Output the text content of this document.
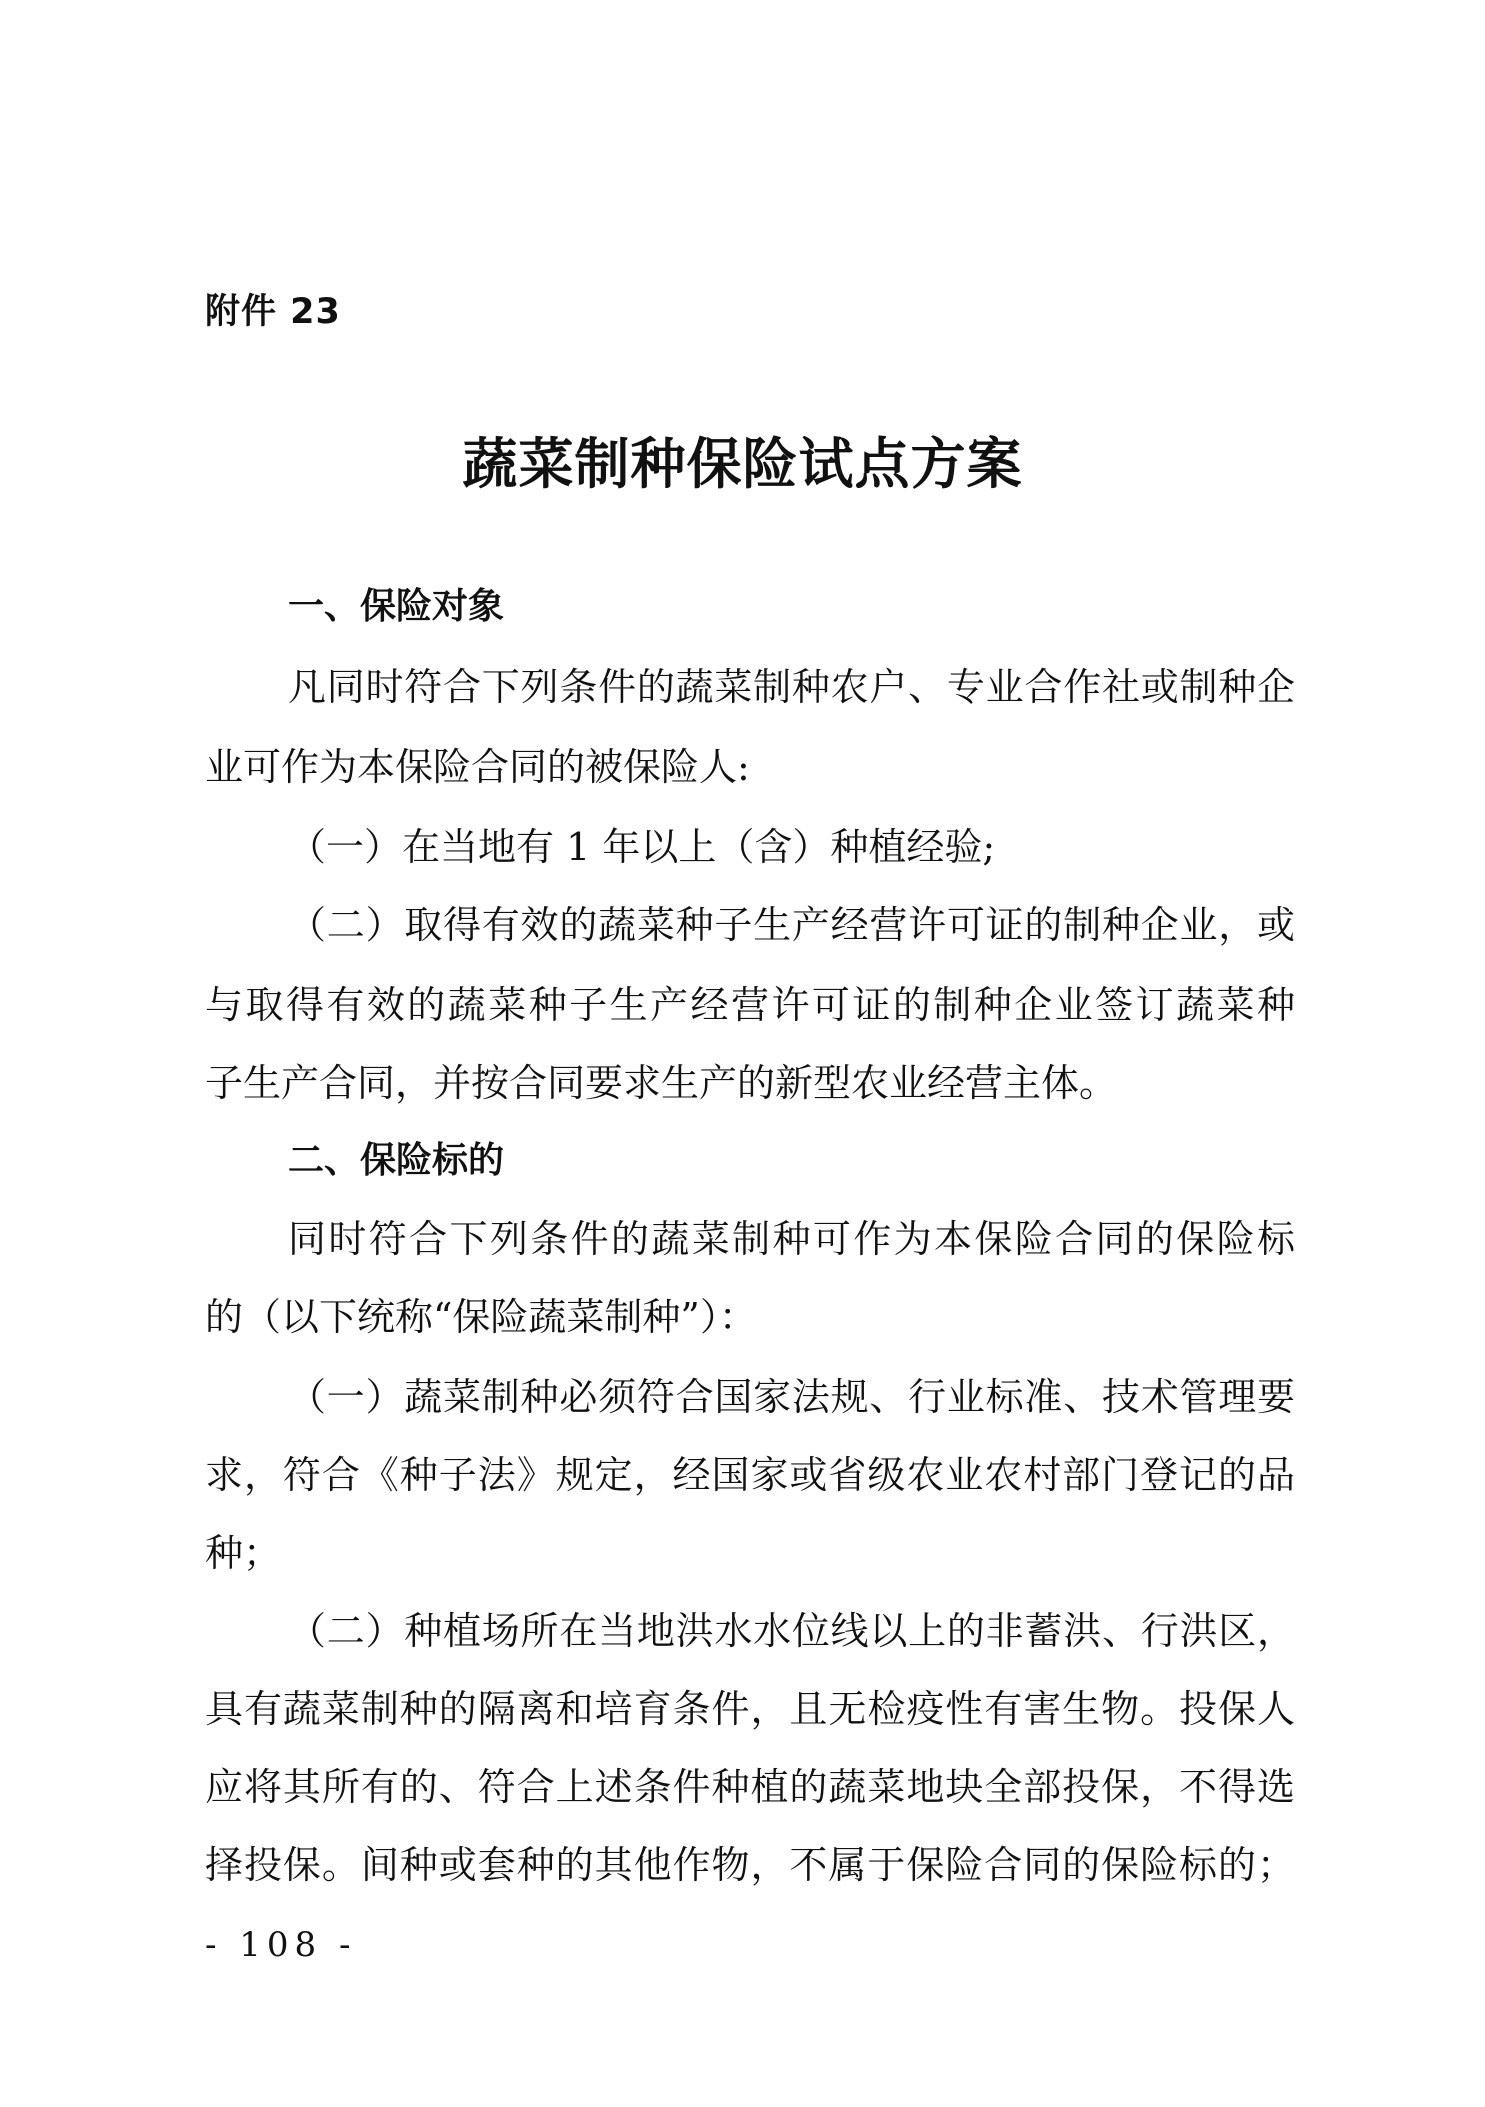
附件 23
蔬菜制种保险试点方案
一、保险对象
凡同时符合下列条件的蔬菜制种农户、专业合作社或制种企
业可作为本保险合同的被保险人:
（一）在当地有 1 年以上（含）种植经验;
（二）取得有效的蔬菜种子生产经营许可证的制种企业，或
与取得有效的蔬菜种子生产经营许可证的制种企业签订蔬菜种
子生产合同，并按合同要求生产的新型农业经营主体。
二、保险标的
同时符合下列条件的蔬菜制种可作为本保险合同的保险标
的（以下统称“保险蔬菜制种”）：
（一）蔬菜制种必须符合国家法规、行业标准、技术管理要
求，符合《种子法》规定，经国家或省级农业农村部门登记的品
种；
（二）种植场所在当地洪水水位线以上的非蓄洪、行洪区，
具有蔬菜制种的隔离和培育条件，且无检疫性有害生物。投保人
应将其所有的、符合上述条件种植的蔬菜地块全部投保，不得选
择投保。间种或套种的其他作物，不属于保险合同的保险标的；
- 108 -
